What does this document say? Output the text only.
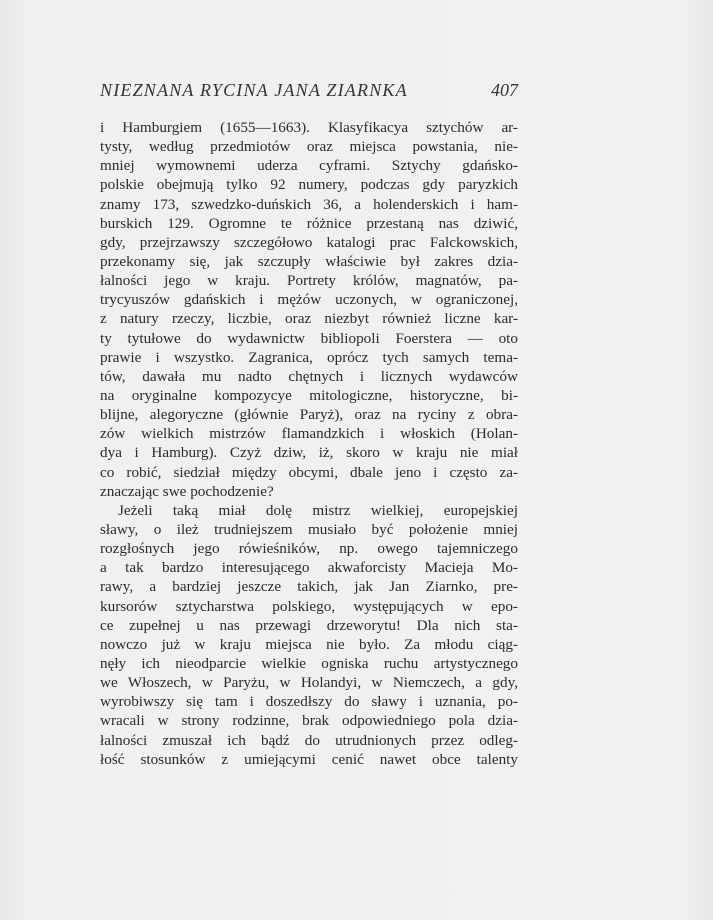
NIEZNANA RYCINA JANA ZIARNKA	407
i Hamburgiem (1655—1663). Klasyfikacya sztychów ar-
tysty, według przedmiotów oraz miejsca powstania, nie-
mniej wymownemi uderza cyframi. Sztychy gdańsko-
polskie obejmują tylko 92 numery, podczas gdy paryzkich
znamy 173, szwedzko-duńskich 36, a holenderskich i ham-
burskich 129. Ogromne te różnice przestaną nas dziwić,
gdy, przejrzawszy szczegółowo katalogi prac Falckowskich,
przekonamy się, jak szczupły właściwie był zakres dzia-
łalności jego w kraju. Portrety królów, magnatów, pa-
trycyuszów gdańskich i mężów uczonych, w ograniczonej,
z natury rzeczy, liczbie, oraz niezbyt również liczne kar-
ty tytułowe do wydawnictw bibliopoli Foerstera — oto
prawie i wszystko. Zagranica, oprócz tych samych tema-
tów, dawała mu nadto chętnych i licznych wydawców
na oryginalne kompozycye mitologiczne, historyczne, bi-
blijne, alegoryczne (głównie Paryż), oraz na ryciny z obra-
zów wielkich mistrzów flamandzkich i włoskich (Holan-
dya i Hamburg). Czyż dziw, iż, skoro w kraju nie miał
co robić, siedział między obcymi, dbale jeno i często za-
znaczając swe pochodzenie?
Jeżeli taką miał dolę mistrz wielkiej, europejskiej
sławy, o ileż trudniejszem musiało być położenie mniej
rozgłośnych jego rówieśników, np. owego tajemniczego
a tak bardzo interesującego akwaforcisty Macieja Mo-
rawy, a bardziej jeszcze takich, jak Jan Ziarnko, pre-
kursorów sztycharstwa polskiego, występujących w epo-
ce zupełnej u nas przewagi drzeworytu! Dla nich sta-
nowczo już w kraju miejsca nie było. Za młodu ciąg-
nęły ich nieodparcie wielkie ogniska ruchu artystycznego
we Włoszech, w Paryżu, w Holandyi, w Niemczech, a gdy,
wyrobiwszy się tam i doszedłszy do sławy i uznania, po-
wracali w strony rodzinne, brak odpowiedniego pola dzia-
łalności zmuszał ich bądź do utrudnionych przez odleg-
łość stosunków z umiejącymi cenić nawet obce talenty
